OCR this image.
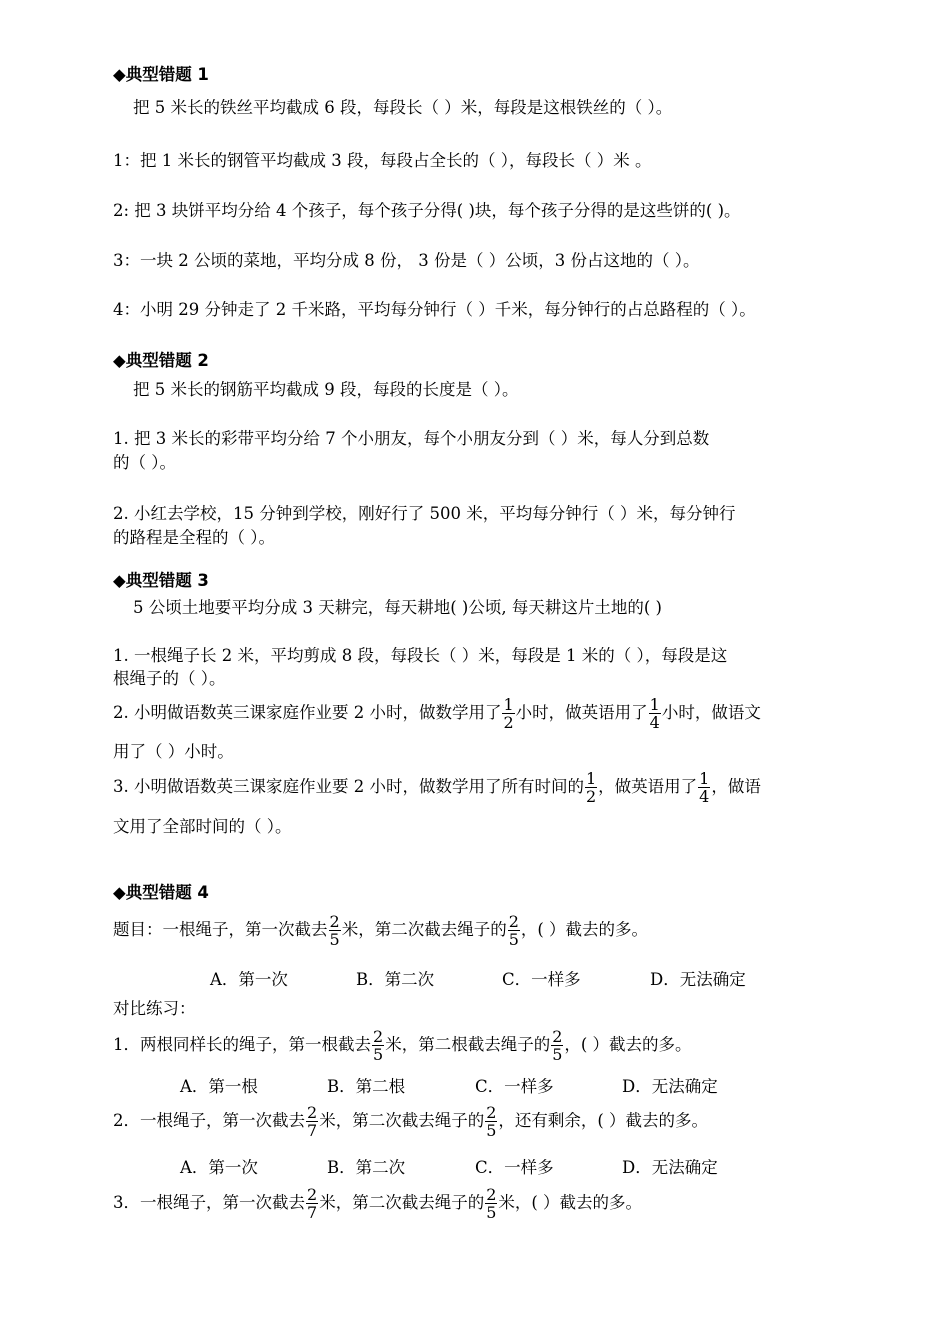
◆典型错题 1
把 5 米长的铁丝平均截成 6 段，每段长（ ）米，每段是这根铁丝的（ ）。
1：把 1 米长的钢管平均截成 3 段，每段占全长的（ ），每段长（ ）米 。
2: 把 3 块饼平均分给 4 个孩子，每个孩子分得( )块，每个孩子分得的是这些饼的( )。
3：一块 2 公顷的菜地，平均分成 8 份， 3 份是（ ）公顷，3 份占这地的（ ）。
4：小明 29 分钟走了 2 千米路，平均每分钟行（ ）千米，每分钟行的占总路程的（ ）。
◆典型错题 2
把 5 米长的钢筋平均截成 9 段，每段的长度是（ ）。
1. 把 3 米长的彩带平均分给 7 个小朋友，每个小朋友分到（ ）米，每人分到总数
的（ ）。
2. 小红去学校，15 分钟到学校，刚好行了 500 米，平均每分钟行（ ）米，每分钟行
的路程是全程的（ ）。
◆典型错题 3
5 公顷土地要平均分成 3 天耕完，每天耕地( )公顷, 每天耕这片土地的( )
1. 一根绳子长 2 米，平均剪成 8 段，每段长（ ）米，每段是 1 米的（ ），每段是这
根绳子的（ ）。
2. 小明做语数英三课家庭作业要 2 小时，做数学用了 $\frac{1}{2}$ 小时，做英语用了 $\frac{1}{4}$ 小时，做语文
用了（ ）小时。
3. 小明做语数英三课家庭作业要 2 小时，做数学用了所有时间的 $\frac{1}{2}$ ，做英语用了 $\frac{1}{4}$ ，做语
文用了全部时间的（ ）。
◆典型错题 4
题目：一根绳子，第一次截去 $\frac{2}{5}$ 米，第二次截去绳子的 $\frac{2}{5}$ ，( ）截去的多。
A．第一次	B．第二次	C．一样多	D．无法确定
对比练习：
1．两根同样长的绳子，第一根截去 $\frac{2}{5}$ 米，第二根截去绳子的 $\frac{2}{5}$ ，( ）截去的多。
A．第一根	B．第二根	C．一样多	D．无法确定
2．一根绳子，第一次截去 $\frac{2}{7}$ 米，第二次截去绳子的 $\frac{2}{5}$ ，还有剩余，( ）截去的多。
A．第一次	B．第二次	C．一样多	D．无法确定
3．一根绳子，第一次截去 $\frac{2}{7}$ 米，第二次截去绳子的 $\frac{2}{5}$ 米，( ）截去的多。
